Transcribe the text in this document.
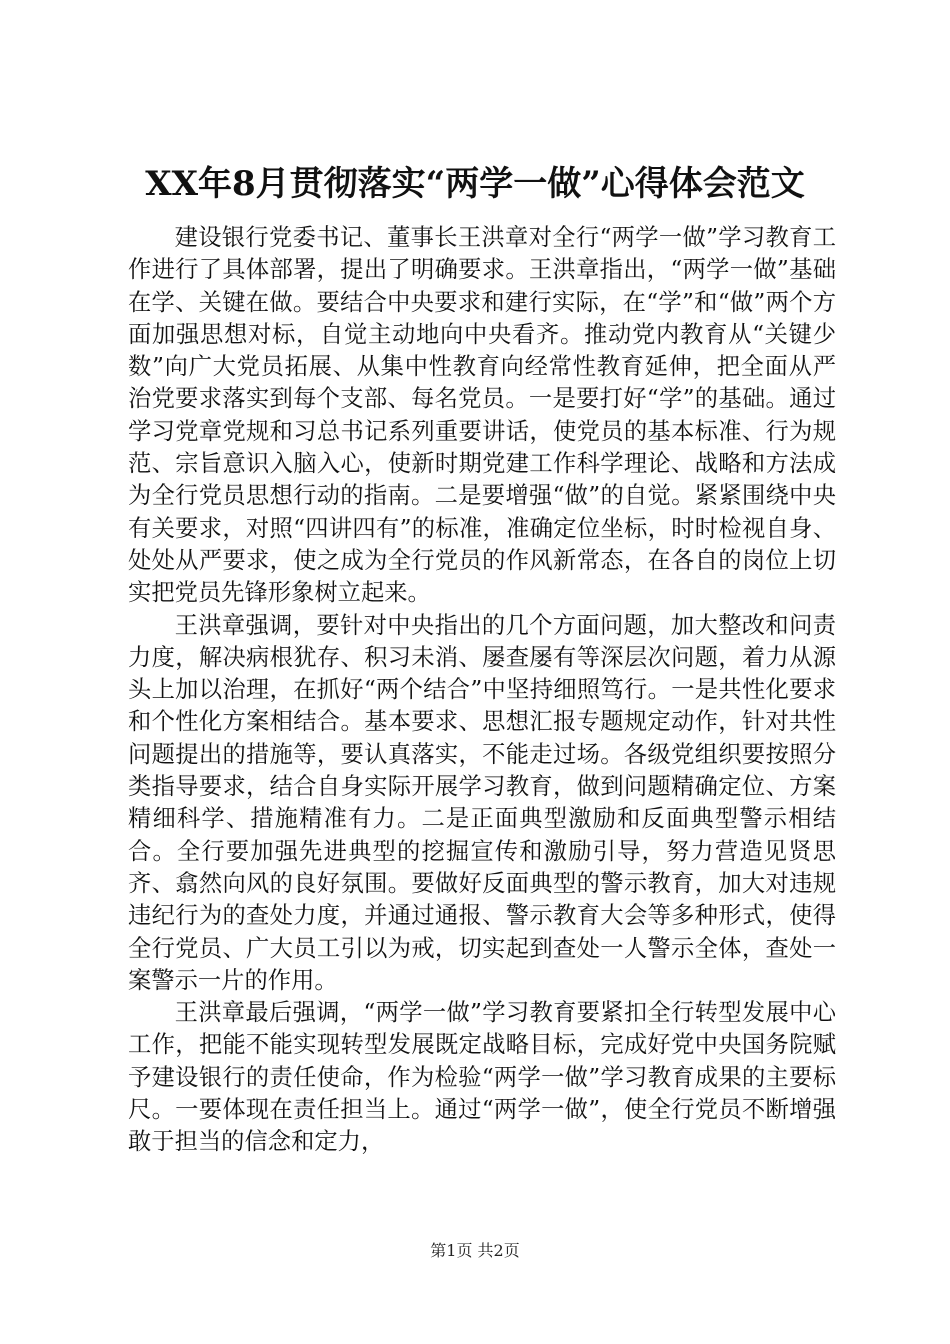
XX年8月贯彻落实“两学一做”心得体会范文

建设银行党委书记、董事长王洪章对全行“两学一做”学习教育工作进行了具体部署，提出了明确要求。王洪章指出，“两学一做”基础在学、关键在做。要结合中央要求和建行实际，在“学”和“做”两个方面加强思想对标，自觉主动地向中央看齐。推动党内教育从“关键少数”向广大党员拓展、从集中性教育向经常性教育延伸，把全面从严治党要求落实到每个支部、每名党员。一是要打好“学”的基础。通过学习党章党规和习总书记系列重要讲话，使党员的基本标准、行为规范、宗旨意识入脑入心，使新时期党建工作科学理论、战略和方法成为全行党员思想行动的指南。二是要增强“做”的自觉。紧紧围绕中央有关要求，对照“四讲四有”的标准，准确定位坐标，时时检视自身、处处从严要求，使之成为全行党员的作风新常态，在各自的岗位上切实把党员先锋形象树立起来。

王洪章强调，要针对中央指出的几个方面问题，加大整改和问责力度，解决病根犹存、积习未消、屡查屡有等深层次问题，着力从源头上加以治理，在抓好“两个结合”中坚持细照笃行。一是共性化要求和个性化方案相结合。基本要求、思想汇报专题规定动作，针对共性问题提出的措施等，要认真落实，不能走过场。各级党组织要按照分类指导要求，结合自身实际开展学习教育，做到问题精确定位、方案精细科学、措施精准有力。二是正面典型激励和反面典型警示相结合。全行要加强先进典型的挖掘宣传和激励引导，努力营造见贤思齐、翕然向风的良好氛围。要做好反面典型的警示教育，加大对违规违纪行为的查处力度，并通过通报、警示教育大会等多种形式，使得全行党员、广大员工引以为戒，切实起到查处一人警示全体，查处一案警示一片的作用。

王洪章最后强调，“两学一做”学习教育要紧扣全行转型发展中心工作，把能不能实现转型发展既定战略目标，完成好党中央国务院赋予建设银行的责任使命，作为检验“两学一做”学习教育成果的主要标尺。一要体现在责任担当上。通过“两学一做”，使全行党员不断增强敢于担当的信念和定力，

第1页 共2页
